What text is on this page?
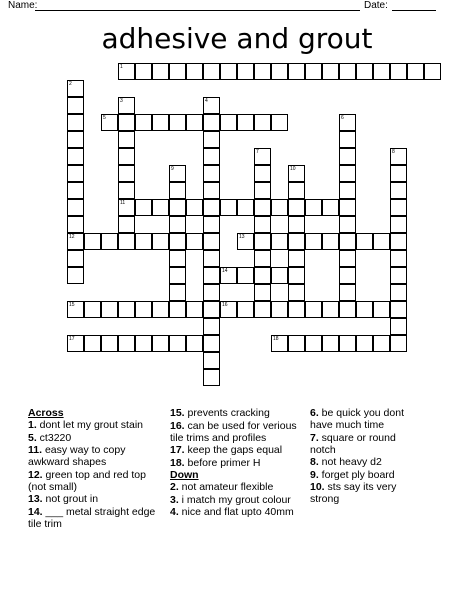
Name:	Date:
adhesive and grout
1
2
12
3
11
4
5	6
7	8
9	10
13
14
15	16
17	18
Across
1. dont let my grout stain
5. ct3220
11. easy way to copy awkward shapes
12. green top and red top (not small)
13. not grout in
14. ___ metal straight edge tile trim
15. prevents cracking
16. can be used for verious tile trims and profiles
17. keep the gaps equal
18. before primer H
Down
2. not amateur flexible
3. i match my grout colour
4. nice and flat upto 40mm
6. be quick you dont have much time
7. square or round notch
8. not heavy d2
9. forget ply board
10. sts say its very strong
